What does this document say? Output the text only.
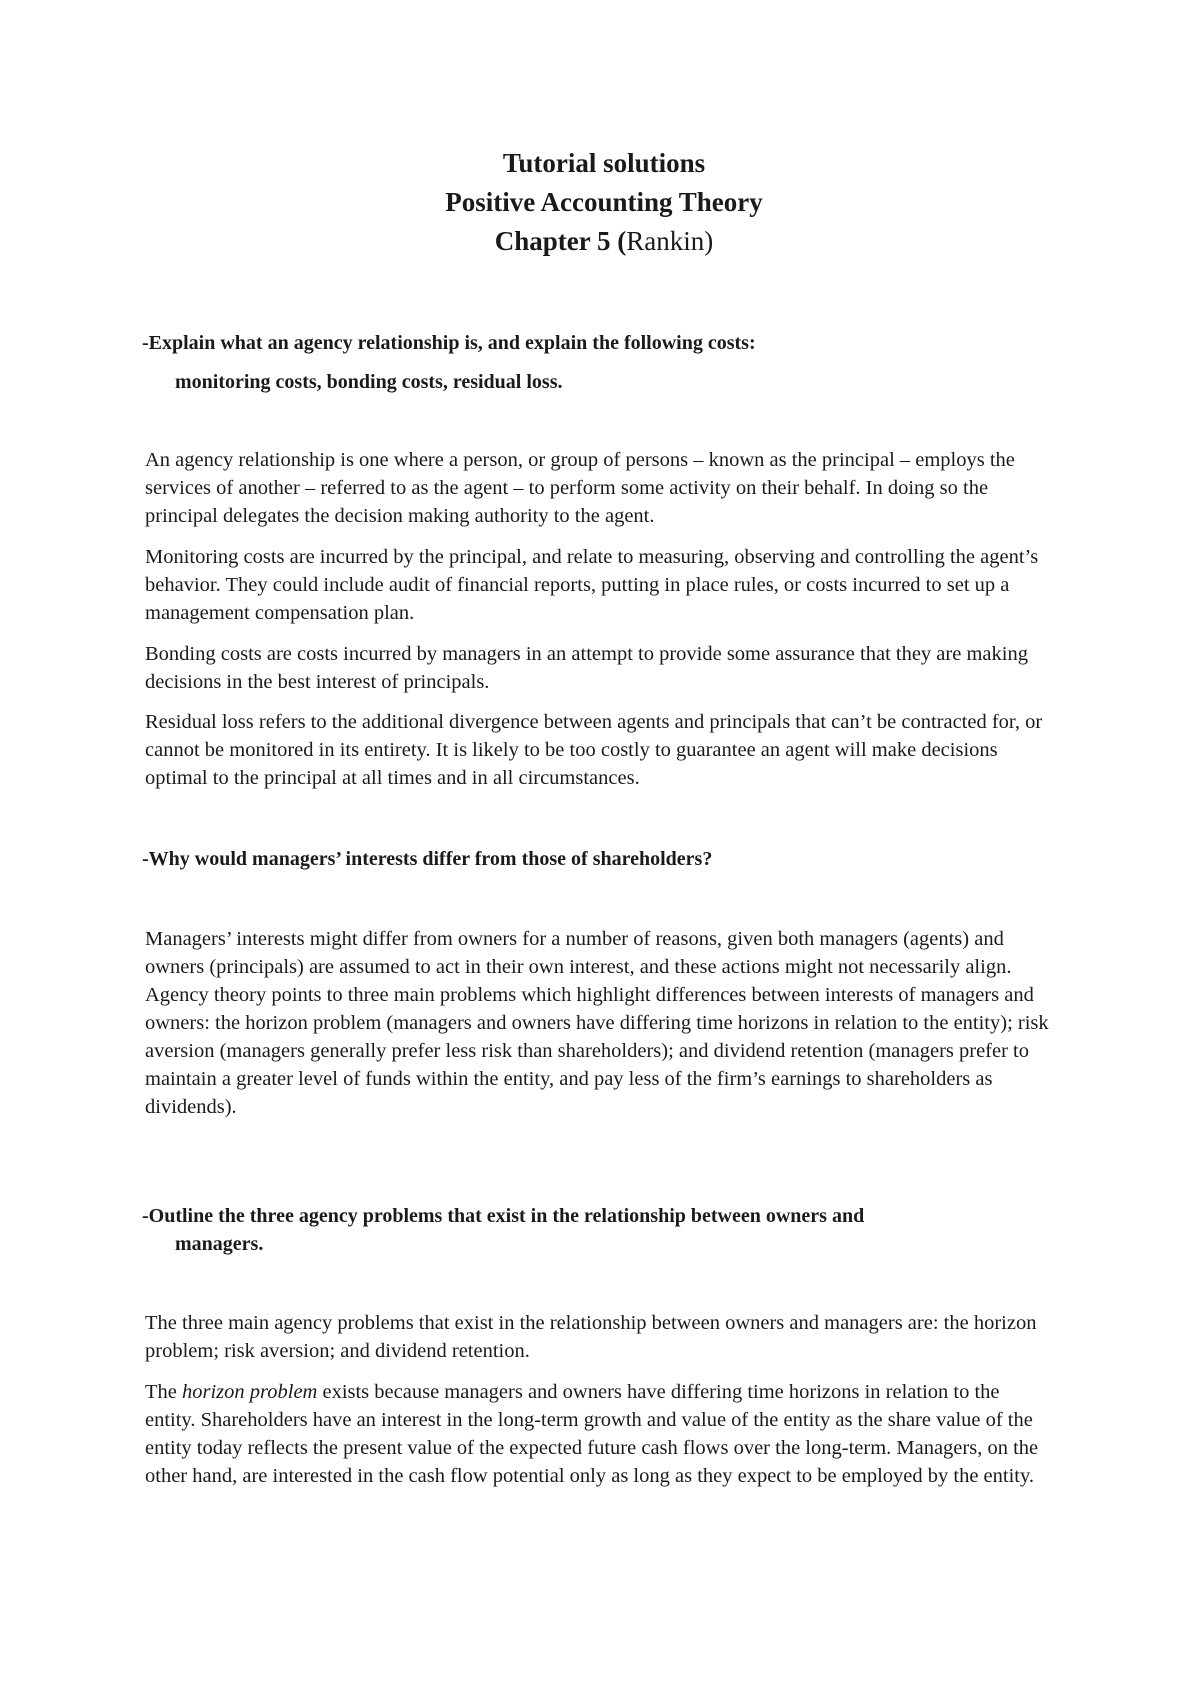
Tutorial solutions
Positive Accounting Theory
Chapter 5 (Rankin)
-Explain what an agency relationship is, and explain the following costs:
monitoring costs, bonding costs, residual loss.

An agency relationship is one where a person, or group of persons – known as the principal – employs the services of another – referred to as the agent – to perform some activity on their behalf. In doing so the principal delegates the decision making authority to the agent.

Monitoring costs are incurred by the principal, and relate to measuring, observing and controlling the agent’s behavior. They could include audit of financial reports, putting in place rules, or costs incurred to set up a management compensation plan.

Bonding costs are costs incurred by managers in an attempt to provide some assurance that they are making decisions in the best interest of principals.

Residual loss refers to the additional divergence between agents and principals that can’t be contracted for, or cannot be monitored in its entirety. It is likely to be too costly to guarantee an agent will make decisions optimal to the principal at all times and in all circumstances.

-Why would managers’ interests differ from those of shareholders?

Managers’ interests might differ from owners for a number of reasons, given both managers (agents) and owners (principals) are assumed to act in their own interest, and these actions might not necessarily align. Agency theory points to three main problems which highlight differences between interests of managers and owners: the horizon problem (managers and owners have differing time horizons in relation to the entity); risk aversion (managers generally prefer less risk than shareholders); and dividend retention (managers prefer to maintain a greater level of funds within the entity, and pay less of the firm’s earnings to shareholders as dividends).

-Outline the three agency problems that exist in the relationship between owners and
managers.

The three main agency problems that exist in the relationship between owners and managers are: the horizon problem; risk aversion; and dividend retention.

The horizon problem exists because managers and owners have differing time horizons in relation to the entity. Shareholders have an interest in the long-term growth and value of the entity as the share value of the entity today reflects the present value of the expected future cash flows over the long-term. Managers, on the other hand, are interested in the cash flow potential only as long as they expect to be employed by the entity.
